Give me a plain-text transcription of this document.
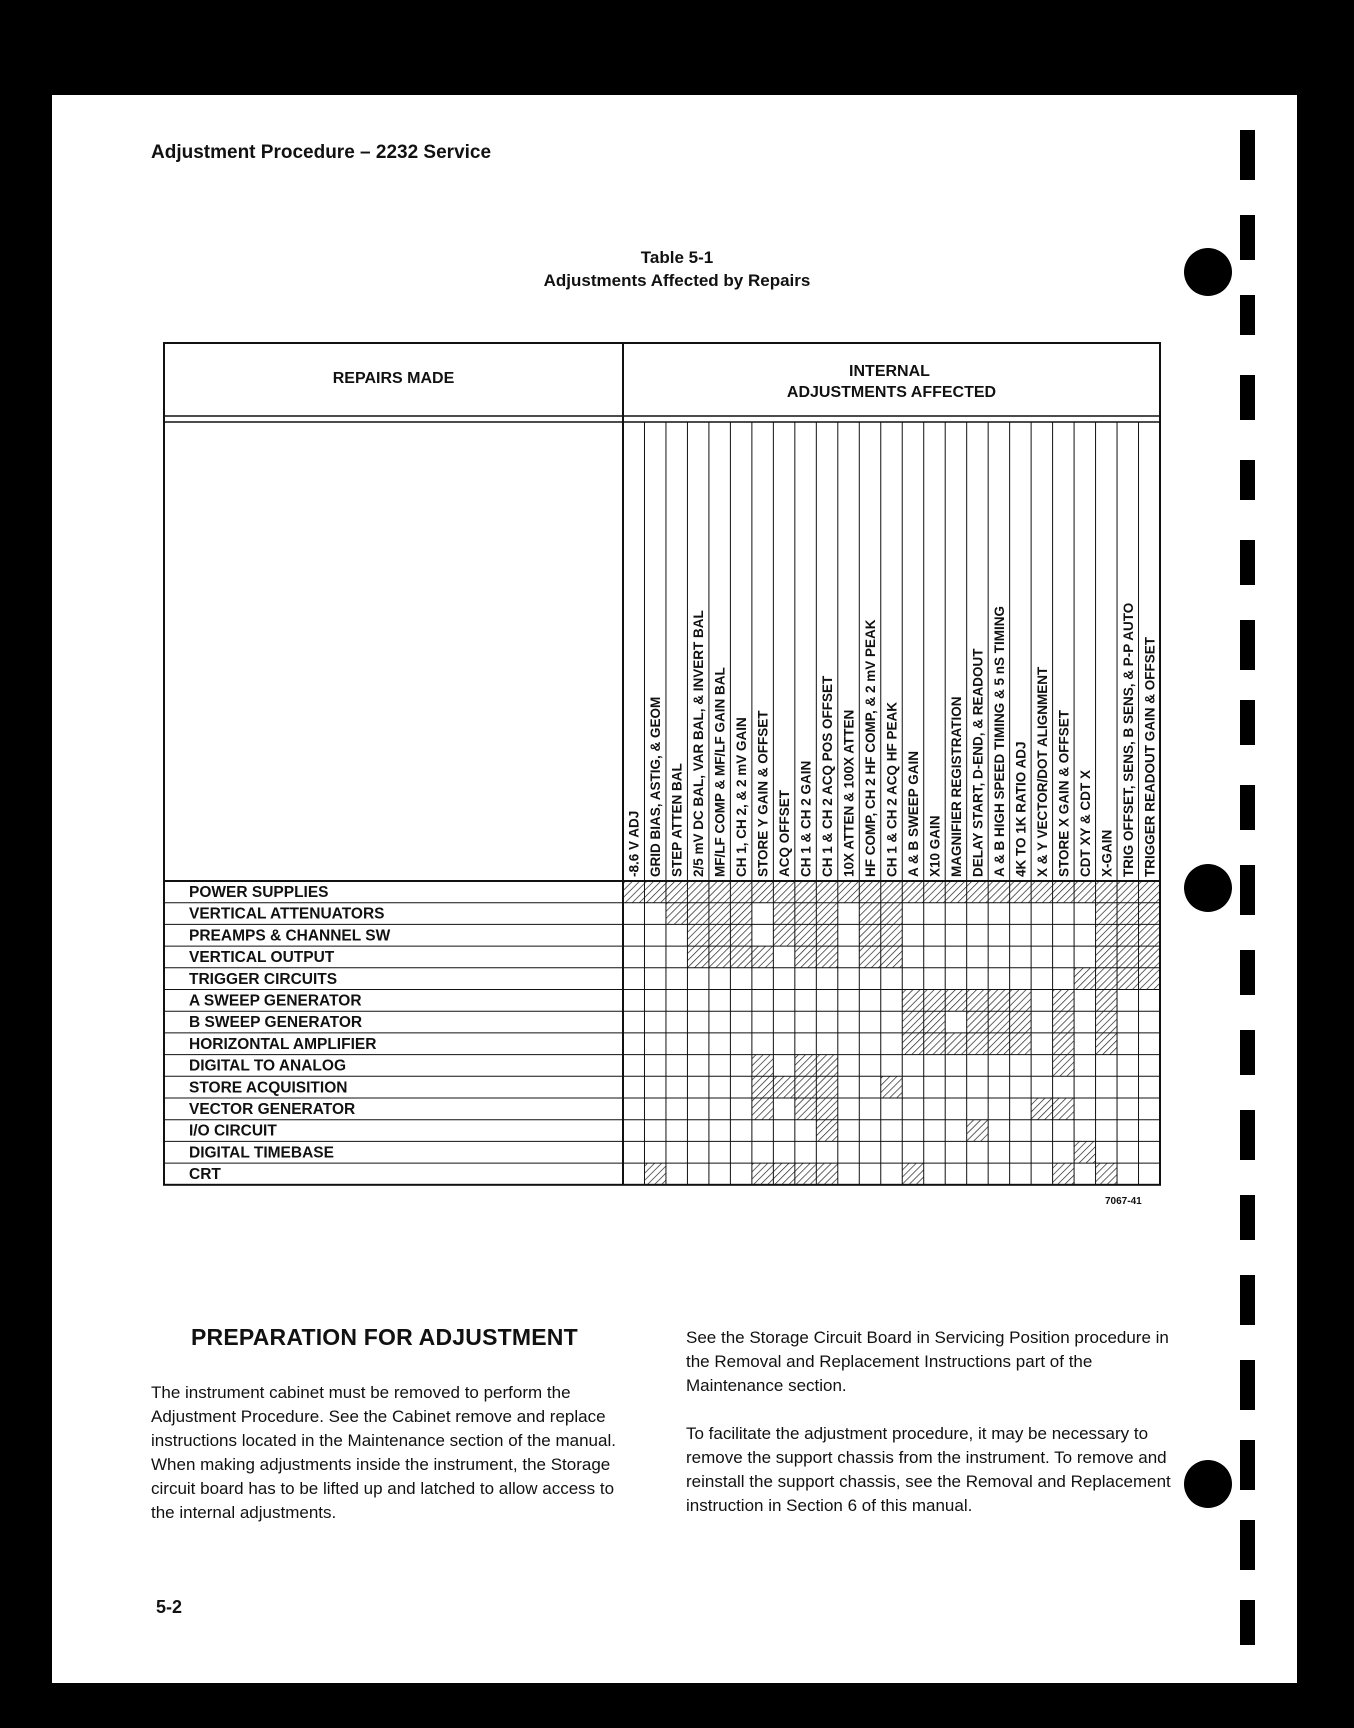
Adjustment Procedure – 2232 Service
Table 5-1
Adjustments Affected by Repairs
REPAIRS MADE	INTERNAL
ADJUSTMENTS AFFECTED
-8.6 V ADJ GRID BIAS, ASTIG, & GEOM STEP ATTEN BAL 2/5 mV DC BAL, VAR BAL, & INVERT BAL MF/LF COMP & MF/LF GAIN BAL CH 1, CH 2, & 2 mV GAIN STORE Y GAIN & OFFSET ACQ OFFSET CH 1 & CH 2 GAIN CH 1 & CH 2 ACQ POS OFFSET 10X ATTEN & 100X ATTEN HF COMP, CH 2 HF COMP, & 2 mV PEAK CH 1 & CH 2 ACQ HF PEAK A & B SWEEP GAIN X10 GAIN MAGNIFIER REGISTRATION DELAY START, D-END, & READOUT A & B HIGH SPEED TIMING & 5 nS TIMING 4K TO 1K RATIO ADJ X & Y VECTOR/DOT ALIGNMENT STORE X GAIN & OFFSET CDT XY & CDT X X-GAIN TRIG OFFSET, SENS, B SENS, & P-P AUTO TRIGGER READOUT GAIN & OFFSET
POWER SUPPLIES
VERTICAL ATTENUATORS
PREAMPS & CHANNEL SW
VERTICAL OUTPUT
TRIGGER CIRCUITS
A SWEEP GENERATOR
B SWEEP GENERATOR
HORIZONTAL AMPLIFIER
DIGITAL TO ANALOG
STORE ACQUISITION
VECTOR GENERATOR
I/O CIRCUIT
DIGITAL TIMEBASE
CRT
7067-41
PREPARATION FOR ADJUSTMENT

The instrument cabinet must be removed to perform the Adjustment Procedure. See the Cabinet remove and replace instructions located in the Maintenance section of the manual. When making adjustments inside the instrument, the Storage circuit board has to be lifted up and latched to allow access to the internal adjustments.

See the Storage Circuit Board in Servicing Position procedure in the Removal and Replacement Instructions part of the Maintenance section.

To facilitate the adjustment procedure, it may be necessary to remove the support chassis from the instrument. To remove and reinstall the support chassis, see the Removal and Replacement instruction in Section 6 of this manual.

5-2
